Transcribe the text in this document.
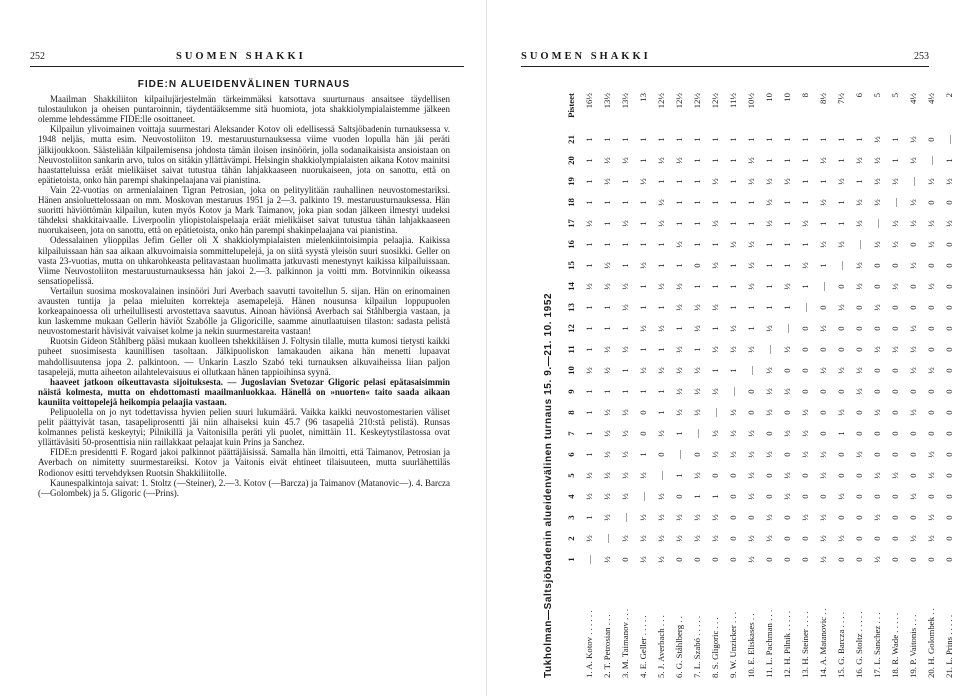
252	SUOMEN SHAKKI
FIDE:N ALUEIDENVÄLINEN TURNAUS

Maailman Shakkiliiton kilpailujärjestelmän tärkeimmäksi katsottava suurturnaus ansaitsee täydellisen tulostaulukon ja oheisen puntaroinnin, täydentääksemme sitä huomiota, jota shakkiolympialaistemme jälkeen olemme lehdessämme FIDE:lle osoittaneet.

Kilpailun ylivoimainen voittaja suurmestari Aleksander Kotov oli edellisessä Saltsjöbadenin turnauksessa v. 1948 neljäs, mutta esim. Neuvostoliiton 19. mestaruusturnauksessa viime vuoden lopulla hän jäi peräti jälkijoukkoon. Säästeliään kilpailemisensa johdosta tämän iloisen insinöörin, jolla sodanaikaisista ansioistaan on Neuvostoliiton sankarin arvo, tulos on sitäkin yllättävämpi. Helsingin shakkiolympialaisten aikana Kotov mainitsi haastatteluissa eräät mielikäiset saivat tutustua tähän lahjakkaaseen nuorukaiseen, jota on sanottu, että on epätietoista, onko hän parempi shakinpelaajana vai pianistina.

Vain 22-vuotias on armenialainen Tigran Petrosian, joka on pelityylitään rauhallinen neuvostomestariksi. Hänen ansioluettelossaan on mm. Moskovan mestaruus 1951 ja 2—3. palkinto 19. mestaruusturnauksessa. Hän suoritti häviöttömän kilpailun, kuten myös Kotov ja Mark Taimanov, joka pian sodan jälkeen ilmestyi uudeksi tähdeksi shakkitaivaalle. Liverpoolin yliopistolaispelaaja eräät mielikäiset saivat tutustua tähän lahjakkaaseen nuorukaiseen, jota on sanottu, että on epätietoista, onko hän parempi shakinpelaajana vai pianistina.

Odessalainen ylioppilas Jefim Geller oli X shakkiolympialaisten mielenkiintoisimpia pelaajia. Kaikissa kilpailuissaan hän saa aikaan alkuvoimaisia sommittelupelejä, ja on siitä syystä yleisön suuri suosikki. Geller on vasta 23-vuotias, mutta on uhkarohkeasta pelitavastaan huolimatta jatkuvasti menestynyt kaikissa kilpailuissaan. Viime Neuvostoliiton mestaruusturnauksessa hän jakoi 2.—3. palkinnon ja voitti mm. Botvinnikin oikeassa sensatiopelissä.

Vertailun suosima moskovalainen insinööri Juri Averbach saavutti tavoitellun 5. sijan. Hän on erinomainen avausten tuntija ja pelaa mieluiten korrekteja asemapelejä. Hänen nousunsa kilpailun loppupuolen korkeapainoessa oli urheilullisesti arvostettava saavutus. Ainoan häviönsä Averbach sai Ståhlbergia vastaan, ja kun laskemme mukaan Gellerin häviöt Szabólle ja Gligoricille, saamme ainutlaatuisen tilaston: sadasta pelistä neuvostomestarit hävisivät vaivaiset kolme ja nekin suurmestareita vastaan!

Ruotsin Gideon Ståhlberg pääsi mukaan kuolleen tshekkiläisen J. Foltysin tilalle, mutta kumosi tietysti kaikki puheet suosimisesta kaunillisen tasoltaan. Jälkipuoliskon lamakauden aikana hän menetti lupaavat mahdollisuutensa jopa 2. palkintoon. — Unkarin Laszlo Szabó teki turnauksen alkuvaiheissa liian paljon tasapelejä, mutta aiheeton ailahtelevaisuus ei ollutkaan hänen tappioihinsa syynä.

haaveet jatkoon oikeuttavasta sijoituksesta. — Jugoslavian Svetozar Gligoric pelasi epätasaisimmin näistä kolmesta, mutta on ehdottomasti maailmanluokkaa. Hänellä on »nuorten« taito saada aikaan kauniita voittopelejä heikompia pelaajia vastaan.

Pelipuolella on jo nyt todettavissa hyvien pelien suuri lukumäärä. Vaikka kaikki neuvostomestarien väliset pelit päättyivät tasan, tasapeliprosentti jäi niin alhaiseksi kuin 45.7 (96 tasapeliä 210:stä pelistä). Runsas kolmannes pelistä keskeytyi; Pilnikillä ja Vaitonisilla peräti yli puolet, nimittäin 11. Keskeytystilastossa ovat yllättäväsiti 50-prosenttisia niin raillakkaat pelaajat kuin Prins ja Sanchez.

FIDE:n presidentti F. Rogard jakoi palkinnot päättäjäisissä. Samalla hän ilmoitti, että Taimanov, Petrosian ja Averbach on nimitetty suurmestareiksi. Kotov ja Vaitonis eivät ehtineet tilaisuuteen, mutta suurlähettiläs Rodionov esitti tervehdyksen Ruotsin Shakkiliitolle.

Kaunespalkintoja saivat: 1. Stoltz (—Steiner), 2.—3. Kotov (—Barcza) ja Taimanov (Matanovic—). 4. Barcza (—Golombek) ja 5. Gligoric (—Prins).

SUOMEN SHAKKI	253
Tukholman—Saltsjöbadenin alueidenvälinen turnaus 15. 9.—21. 10. 1952
	1	2	3	4	5	6	7	8	9	10	11	12	13	14	15	16	17	18	19	20	21	Pisteet
1. A. Kotov . . . . . .	—	½	1	½	½	1	1	1	1	½	1	1	1	½	1	1	½	1	1	1	1	16½
2. T. Petrosian . . .	½	—	½	½	½	½	½	½	1	½	½	1	1	½	½	1	1	1	½	½	1	13½
3. M. Taimanov . . .	0	½	—	½	½	½	½	½	1	1	½	1	½	½	1	1	½	1	1	½	1	13½
4. E. Geller . . . . .	½	½	½	—	½	1	0	0	1	½	1	½	1	1	½	1	1	1	½	1	1	13
5. J. Averbach . . .	½	½	½	½	—	0	½	1	1	½	1	½	1	½	1	1	½	½	1	½	1	12½
6. G. Ståhlberg . .	0	½	½	0	1	—	1	½	½	½	½	1	½	½	1	½	1	1	1	½	1	12½
7. L. Szabó . . . . .	0	½	½	1	½	0	—	½	½	½	1	½	½	1	0	1	1	1	1	1	1	12½
8. S. Gligoric . . .	0	½	½	1	0	½	½	—	½	1	½	1	½	1	½	1	½	1	½	1	1	12½
9. W. Unzicker . . .	0	0	0	0	0	½	½	½	—	1	½	½	1	1	1	½	1	1	1	1	1	11½
10. E. Eliskases . .	½	½	0	½	½	½	½	0	0	—	½	1	1	½	½	½	1	1	½	½	1	10½
11. L. Pachman . . .	0	½	½	0	0	½	0	½	½	½	—	½	1	1	1	1	½	½	½	1	1	10
12. H. Pilnik . . . . .	0	0	0	½	½	0	½	0	½	0	½	—	1	½	1	1	1	1	½	1	1	10
13. H. Steiner . . . .	0	0	½	0	0	½	½	½	0	0	0	0	—	1	½	1	½	1	1	1	1	8
14. A. Matanovic . .	½	½	½	0	½	½	0	0	0	½	0	½	0	—	1	½	1	½	1	½	1	8½
15. G. Barcza . . . .	0	½	0	½	0	0	1	½	0	½	0	0	½	0	—	½	1	1	½	1	1	7½
16. G. Stoltz . . . . .	0	0	0	0	0	½	0	0	½	½	0	0	0	½	½	—	½	½	1	½	1	6
17. L. Sanchez . . .	½	0	½	0	½	0	0	½	0	0	½	0	½	0	0	½	—	½	½	½	½	5
18. R. Wade . . . . .	0	0	0	0	½	0	0	0	0	0	½	0	0	½	0	½	½	—	½	1	1	5
19. P. Vaitonis . . .	0	½	0	½	0	0	0	½	0	½	½	½	0	0	½	0	½	½	—	½	½	4½
20. H. Golombek . .	0	½	½	0	½	½	0	0	0	½	0	0	0	½	0	½	½	0	½	—	0	4½
21. L. Prins . . . . .	0	0	0	0	0	0	0	0	0	0	0	0	0	0	0	0	½	0	½	1	—	2
